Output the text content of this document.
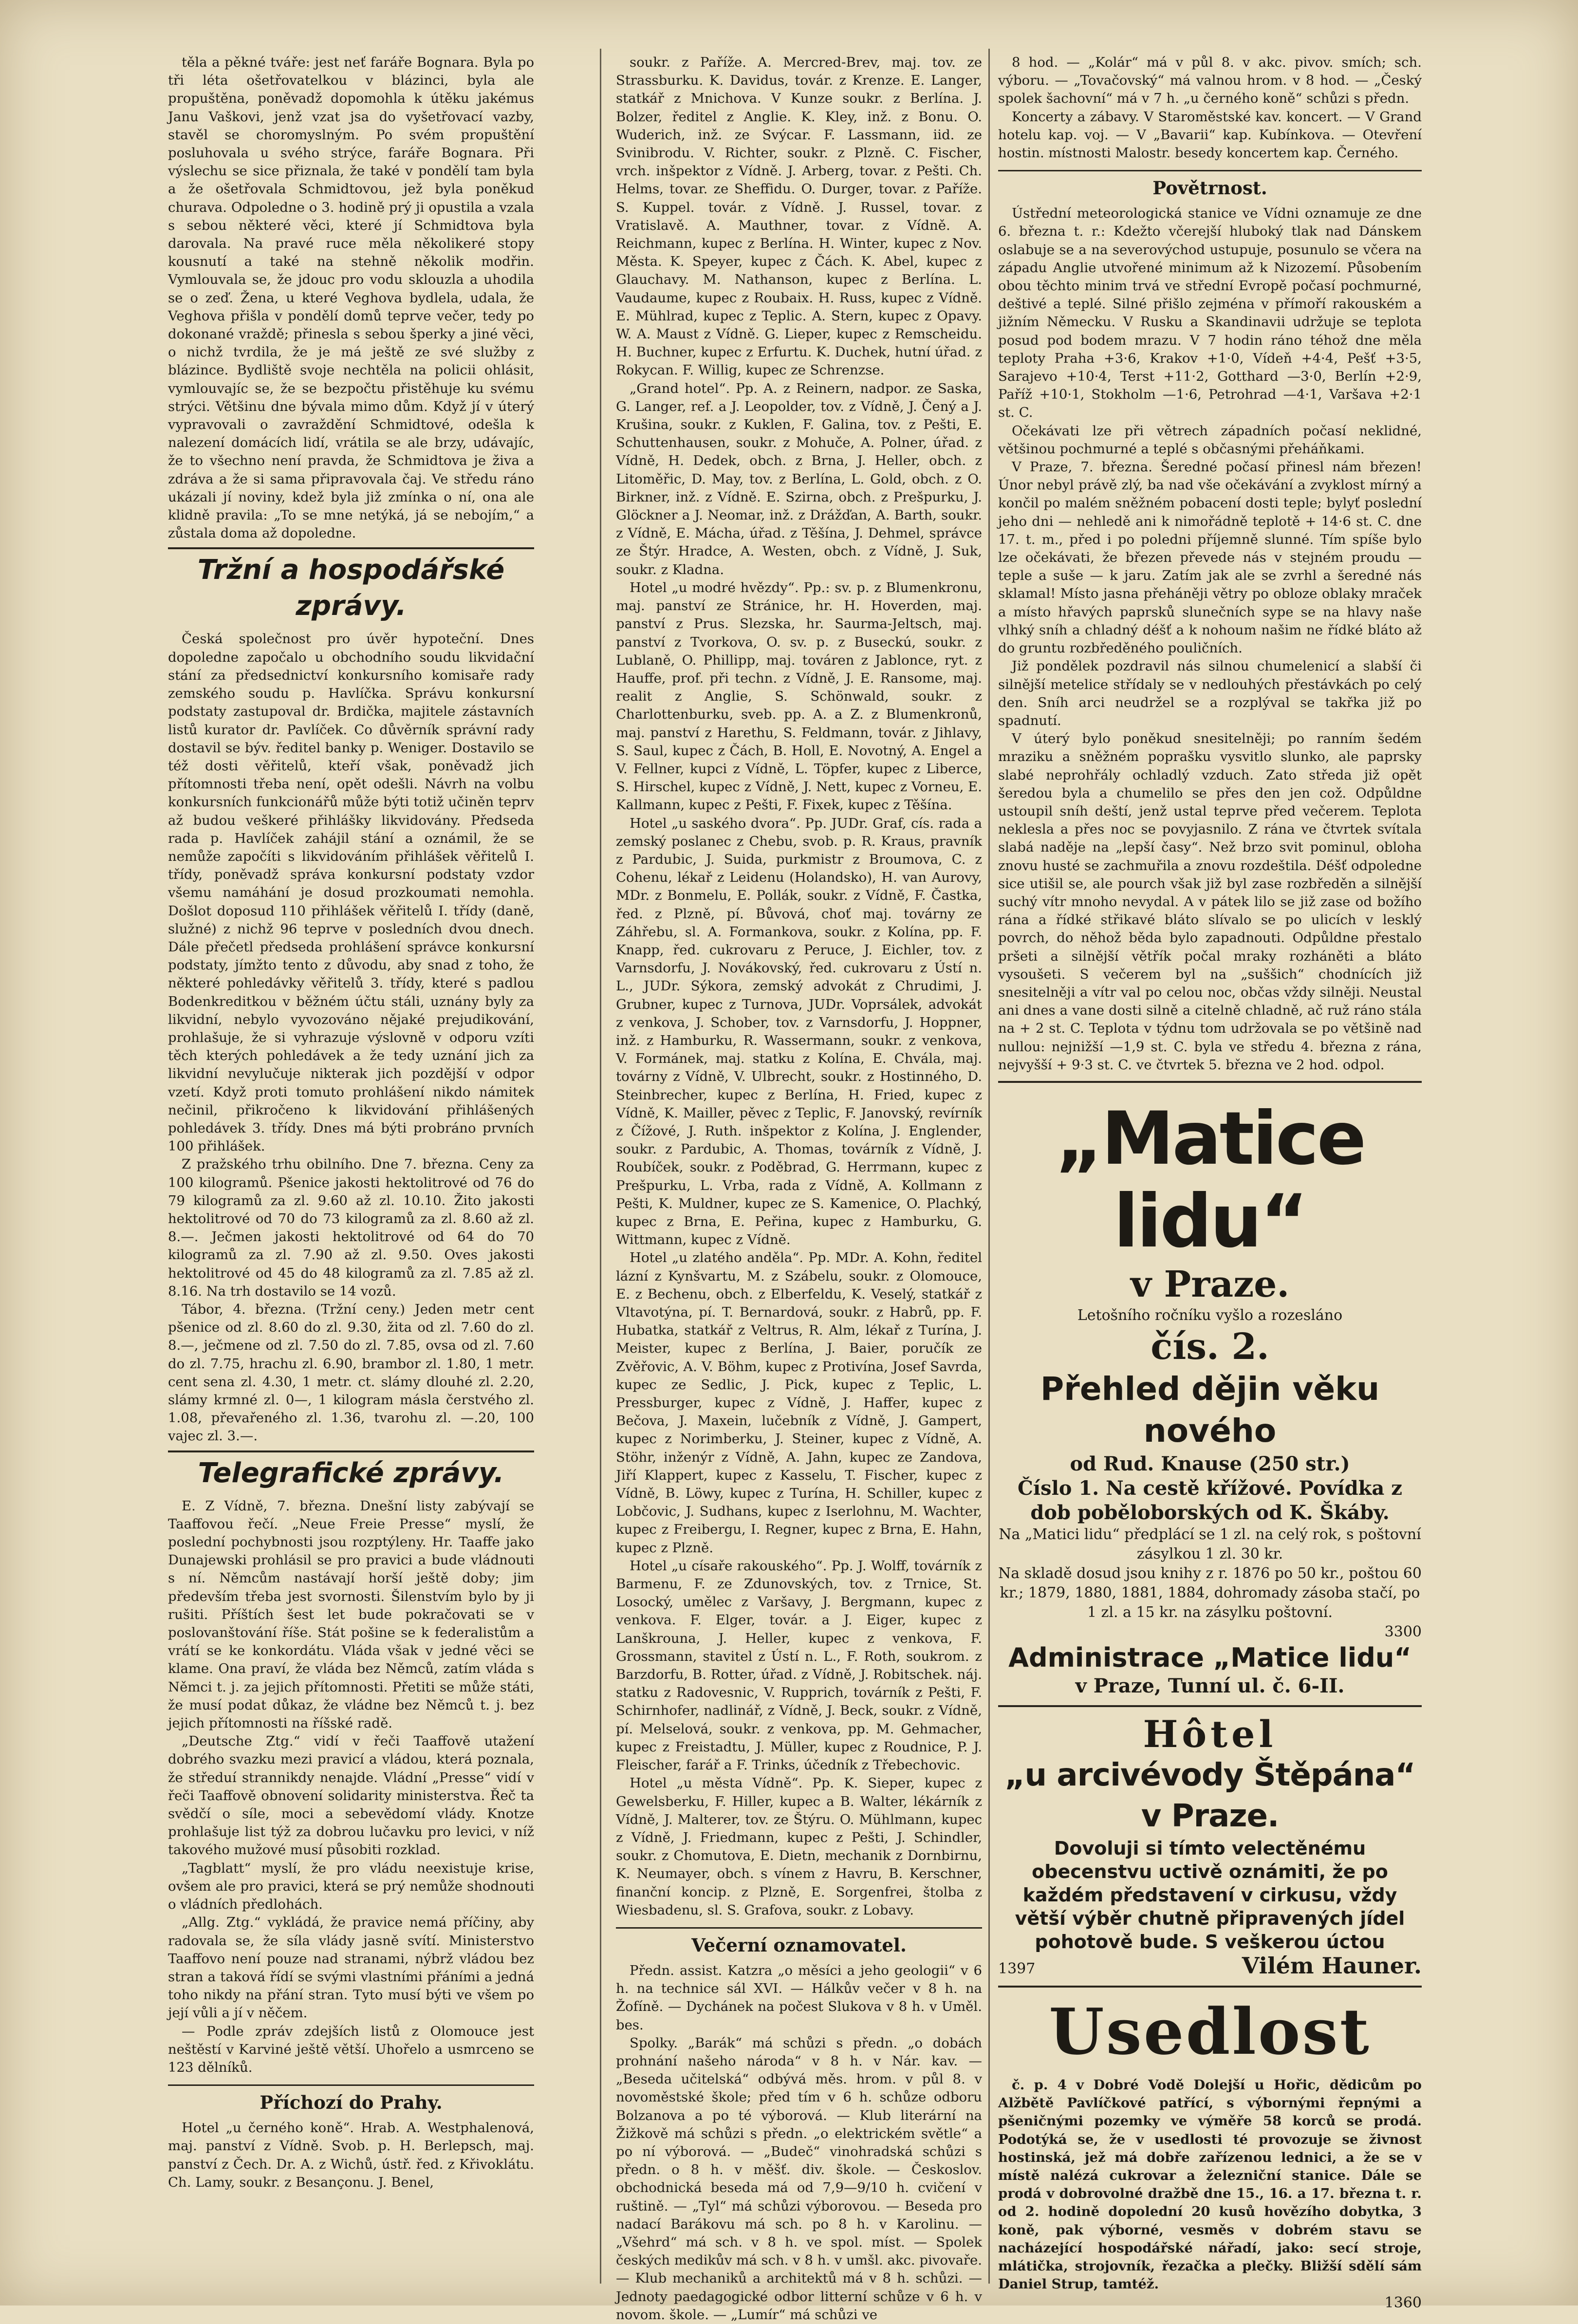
těla a pěkné tváře: jest neť faráře Bognara. Byla po tři léta ošetřovatelkou v blázinci, byla ale propuštěna, poněvadž dopomohla k útěku jakémus Janu Vaškovi, jenž vzat jsa do vyšetřovací vazby, stavěl se choromyslným. Po svém propuštění posluhovala u svého strýce, faráře Bognara. Při výslechu se sice přiznala, že také v pondělí tam byla a že ošetřovala Schmidtovou, jež byla poněkud churava. Odpoledne o 3. hodině prý ji opustila a vzala s sebou některé věci, které jí Schmidtova byla darovala. Na pravé ruce měla několikeré stopy kousnutí a také na stehně několik modřin. Vymlouvala se, že jdouc pro vodu sklouzla a uhodila se o zeď. Žena, u které Veghova bydlela, udala, že Veghova přišla v pondělí domů teprve večer, tedy po dokonané vraždě; přinesla s sebou šperky a jiné věci, o nichž tvrdila, že je má ještě ze své služby z blázince. Bydliště svoje nechtěla na policii ohlásit, vymlouvajíc se, že se bezpočtu přistěhuje ku svému strýci. Většinu dne bývala mimo dům. Když jí v úterý vypravovali o zavraždění Schmidtové, odešla k nalezení domácích lidí, vrátila se ale brzy, udávajíc, že to všechno není pravda, že Schmidtova je živa a zdráva a že si sama připravovala čaj. Ve středu ráno ukázali jí noviny, kdež byla již zmínka o ní, ona ale klidně pravila: „To se mne netýká, já se nebojím,“ a zůstala doma až dopoledne.

Tržní a hospodářské zprávy.

Česká společnost pro úvěr hypoteční. Dnes dopoledne započalo u obchodního soudu likvidační stání za předsednictví konkursního komisaře rady zemského soudu p. Havlíčka. Správu konkursní podstaty zastupoval dr. Brdička, majitele zástavních listů kurator dr. Pavlíček. Co důvěrník správní rady dostavil se býv. ředitel banky p. Weniger. Dostavilo se též dosti věřitelů, kteří však, poněvadž jich přítomnosti třeba není, opět odešli. Návrh na volbu konkursních funkcionářů může býti totiž učiněn teprv až budou veškeré přihlášky likvidovány. Předseda rada p. Havlíček zahájil stání a oznámil, že se nemůže započíti s likvidováním přihlášek věřitelů I. třídy, poněvadž správa konkursní podstaty vzdor všemu namáhání je dosud prozkoumati nemohla. Došlot doposud 110 přihlášek věřitelů I. třídy (daně, služné) z nichž 96 teprve v posledních dvou dnech. Dále přečetl předseda prohlášení správce konkursní podstaty, jímžto tento z důvodu, aby snad z toho, že některé pohledávky věřitelů 3. třídy, které s padlou Bodenkreditkou v běžném účtu stáli, uznány byly za likvidní, nebylo vyvozováno nějaké prejudikování, prohlašuje, že si vyhrazuje výslovně v odporu vzíti těch kterých pohledávek a že tedy uznání jich za likvidní nevylučuje nikterak jich pozdější v odpor vzetí. Když proti tomuto prohlášení nikdo námitek nečinil, přikročeno k likvidování přihlášených pohledávek 3. třídy. Dnes má býti probráno prvních 100 přihlášek.

Z pražského trhu obilního. Dne 7. března. Ceny za 100 kilogramů. Pšenice jakosti hektolitrové od 76 do 79 kilogramů za zl. 9.60 až zl. 10.10. Žito jakosti hektolitrové od 70 do 73 kilogramů za zl. 8.60 až zl. 8.—. Ječmen jakosti hektolitrové od 64 do 70 kilogramů za zl. 7.90 až zl. 9.50. Oves jakosti hektolitrové od 45 do 48 kilogramů za zl. 7.85 až zl. 8.16. Na trh dostavilo se 14 vozů.

Tábor, 4. března. (Tržní ceny.) Jeden metr cent pšenice od zl. 8.60 do zl. 9.30, žita od zl. 7.60 do zl. 8.—, ječmene od zl. 7.50 do zl. 7.85, ovsa od zl. 7.60 do zl. 7.75, hrachu zl. 6.90, brambor zl. 1.80, 1 metr. cent sena zl. 4.30, 1 metr. ct. slámy dlouhé zl. 2.20, slámy krmné zl. 0—, 1 kilogram másla čerstvého zl. 1.08, převařeného zl. 1.36, tvarohu zl. —.20, 100 vajec zl. 3.—.

Telegrafické zprávy.

E. Z Vídně, 7. března. Dnešní listy zabývají se Taaffovou řečí. „Neue Freie Presse“ myslí, že poslední pochybnosti jsou rozptýleny. Hr. Taaffe jako Dunajewski prohlásil se pro pravici a bude vládnouti s ní. Němcům nastávají horší ještě doby; jim především třeba jest svornosti. Šilenstvím bylo by ji rušiti. Příštích šest let bude pokračovati se v poslovanštování říše. Stát pošine se k federalistům a vrátí se ke konkordátu. Vláda však v jedné věci se klame. Ona praví, že vláda bez Němců, zatím vláda s Němci t. j. za jejich přítomnosti. Přetiti se může státi, že musí podat důkaz, že vládne bez Němců t. j. bez jejich přítomnosti na říšské radě.

„Deutsche Ztg.“ vidí v řeči Taaffově utažení dobrého svazku mezi pravicí a vládou, která poznala, že středuí strannikdy nenajde. Vládní „Presse“ vidí v řeči Taaffově obnovení solidarity ministerstva. Řeč ta svědčí o síle, moci a sebevědomí vlády. Knotze prohlašuje list týž za dobrou lučavku pro levici, v níž takového mužové musí působiti rozklad.

„Tagblatt“ myslí, že pro vládu neexistuje krise, ovšem ale pro pravici, která se prý nemůže shodnouti o vládních předlohách.

„Allg. Ztg.“ vykládá, že pravice nemá příčiny, aby radovala se, že síla vlády jasně svítí. Ministerstvo Taaffovo není pouze nad stranami, nýbrž vládou bez stran a taková řídí se svými vlastními přáními a jedná toho nikdy na přání stran. Tyto musí býti ve všem po její vůli a jí v něčem.

— Podle zpráv zdejších listů z Olomouce jest neštěstí v Karviné ještě větší. Uhořelo a usmrceno se 123 dělníků.

Příchozí do Prahy.

Hotel „u černého koně“. Hrab. A. Westphalenová, maj. panství z Vídně. Svob. p. H. Berlepsch, maj. panství z Čech. Dr. A. z Wichů, ústř. řed. z Křivoklátu. Ch. Lamy, soukr. z Besançonu. J. Benel,

soukr. z Paříže. A. Mercred-Brev, maj. tov. ze Strassburku. K. Davidus, továr. z Krenze. E. Langer, statkář z Mnichova. V Kunze soukr. z Berlína. J. Bolzer, ředitel z Anglie. K. Kley, inž. z Bonu. O. Wuderich, inž. ze Svýcar. F. Lassmann, iid. ze Svinibrodu. V. Richter, soukr. z Plzně. C. Fischer, vrch. inšpektor z Vídně. J. Arberg, tovar. z Pešti. Ch. Helms, tovar. ze Sheffidu. O. Durger, tovar. z Paříže. S. Kuppel. továr. z Vídně. J. Russel, tovar. z Vratislavě. A. Mauthner, tovar. z Vídně. A. Reichmann, kupec z Berlína. H. Winter, kupec z Nov. Města. K. Speyer, kupec z Čách. K. Abel, kupec z Glauchavy. M. Nathanson, kupec z Berlína. L. Vaudaume, kupec z Roubaix. H. Russ, kupec z Vídně. E. Mühlrad, kupec z Teplic. A. Stern, kupec z Opavy. W. A. Maust z Vídně. G. Lieper, kupec z Remscheidu. H. Buchner, kupec z Erfurtu. K. Duchek, hutní úřad. z Rokycan. F. Willig, kupec ze Schrenzse.

„Grand hotel“. Pp. A. z Reinern, nadpor. ze Saska, G. Langer, ref. a J. Leopolder, tov. z Vídně, J. Čený a J. Krušina, soukr. z Kuklen, F. Galina, tov. z Pešti, E. Schuttenhausen, soukr. z Mohuče, A. Polner, úřad. z Vídně, H. Dedek, obch. z Brna, J. Heller, obch. z Litoměřic, D. May, tov. z Berlína, L. Gold, obch. z O. Birkner, inž. z Vídně. E. Szirna, obch. z Prešpurku, J. Glöckner a J. Neomar, inž. z Drážďan, A. Barth, soukr. z Vídně, E. Mácha, úřad. z Těšína, J. Dehmel, správce ze Štýr. Hradce, A. Westen, obch. z Vídně, J. Suk, soukr. z Kladna.

Hotel „u modré hvězdy“. Pp.: sv. p. z Blumenkronu, maj. panství ze Stránice, hr. H. Hoverden, maj. panství z Prus. Slezska, hr. Saurma-Jeltsch, maj. panství z Tvorkova, O. sv. p. z Buseckú, soukr. z Lublaně, O. Phillipp, maj. továren z Jablonce, ryt. z Hauffe, prof. při techn. z Vídně, J. E. Ransome, maj. realit z Anglie, S. Schönwald, soukr. z Charlottenburku, sveb. pp. A. a Z. z Blumenkronů, maj. panství z Harethu, S. Feldmann, továr. z Jihlavy, S. Saul, kupec z Čách, B. Holl, E. Novotný, A. Engel a V. Fellner, kupci z Vídně, L. Töpfer, kupec z Liberce, S. Hirschel, kupec z Vídně, J. Nett, kupec z Vorneu, E. Kallmann, kupec z Pešti, F. Fixek, kupec z Těšína.

Hotel „u saského dvora“. Pp. JUDr. Graf, cís. rada a zemský poslanec z Chebu, svob. p. R. Kraus, pravník z Pardubic, J. Suida, purkmistr z Broumova, C. z Cohenu, lékař z Leidenu (Holandsko), H. van Aurovy, MDr. z Bonmelu, E. Pollák, soukr. z Vídně, F. Častka, řed. z Plzně, pí. Bůvová, choť maj. továrny ze Záhřebu, sl. A. Formankova, soukr. z Kolína, pp. F. Knapp, řed. cukrovaru z Peruce, J. Eichler, tov. z Varnsdorfu, J. Novákovský, řed. cukrovaru z Ústí n. L., JUDr. Sýkora, zemský advokát z Chrudimi, J. Grubner, kupec z Turnova, JUDr. Voprsálek, advokát z venkova, J. Schober, tov. z Varnsdorfu, J. Hoppner, inž. z Hamburku, R. Wassermann, soukr. z venkova, V. Formánek, maj. statku z Kolína, E. Chvála, maj. továrny z Vídně, V. Ulbrecht, soukr. z Hostinného, D. Steinbrecher, kupec z Berlína, H. Fried, kupec z Vídně, K. Mailler, pěvec z Teplic, F. Janovský, revírník z Čížové, J. Ruth. inšpektor z Kolína, J. Englender, soukr. z Pardubic, A. Thomas, továrník z Vídně, J. Roubíček, soukr. z Poděbrad, G. Herrmann, kupec z Prešpurku, L. Vrba, rada z Vídně, A. Kollmann z Pešti, K. Muldner, kupec ze S. Kamenice, O. Plachký, kupec z Brna, E. Peřina, kupec z Hamburku, G. Wittmann, kupec z Vídně.

Hotel „u zlatého anděla“. Pp. MDr. A. Kohn, ředitel lázní z Kynšvartu, M. z Szábelu, soukr. z Olomouce, E. z Bechenu, obch. z Elberfeldu, K. Veselý, statkář z Vltavotýna, pí. T. Bernardová, soukr. z Habrů, pp. F. Hubatka, statkář z Veltrus, R. Alm, lékař z Turína, J. Meister, kupec z Berlína, J. Baier, poručík ze Zvěřovic, A. V. Böhm, kupec z Protivína, Josef Savrda, kupec ze Sedlic, J. Pick, kupec z Teplic, L. Pressburger, kupec z Vídně, J. Haffer, kupec z Bečova, J. Maxein, lučebník z Vídně, J. Gampert, kupec z Norimberku, J. Steiner, kupec z Vídně, A. Stöhr, inženýr z Vídně, A. Jahn, kupec ze Zandova, Jiří Klappert, kupec z Kasselu, T. Fischer, kupec z Vídně, B. Löwy, kupec z Turína, H. Schiller, kupec z Lobčovic, J. Sudhans, kupec z Iserlohnu, M. Wachter, kupec z Freibergu, I. Regner, kupec z Brna, E. Hahn, kupec z Plzně.

Hotel „u císaře rakouského“. Pp. J. Wolff, továrník z Barmenu, F. ze Zdunovských, tov. z Trnice, St. Losocký, umělec z Varšavy, J. Bergmann, kupec z venkova. F. Elger, továr. a J. Eiger, kupec z Lanškrouna, J. Heller, kupec z venkova, F. Grossmann, stavitel z Ústí n. L., F. Roth, soukrom. z Barzdorfu, B. Rotter, úřad. z Vídně, J. Robitschek. náj. statku z Radovesnic, V. Rupprich, továrník z Pešti, F. Schirnhofer, nadlinář, z Vídně, J. Beck, soukr. z Vídně, pí. Melselová, soukr. z venkova, pp. M. Gehmacher, kupec z Freistadtu, J. Müller, kupec z Roudnice, P. J. Fleischer, farář a F. Trinks, účedník z Třebechovic.

Hotel „u města Vídně“. Pp. K. Sieper, kupec z Gewelsberku, F. Hiller, kupec a B. Walter, lékárník z Vídně, J. Malterer, tov. ze Štýru. O. Mühlmann, kupec z Vídně, J. Friedmann, kupec z Pešti, J. Schindler, soukr. z Chomutova, E. Dietn, mechanik z Dornbirnu, K. Neumayer, obch. s vínem z Havru, B. Kerschner, finanční koncip. z Plzně, E. Sorgenfrei, štolba z Wiesbadenu, sl. S. Grafova, soukr. z Lobavy.

Večerní oznamovatel.

Předn. assist. Katzra „o měsíci a jeho geologii“ v 6 h. na technice sál XVI. — Hálkův večer v 8 h. na Žofíně. — Dychánek na počest Slukova v 8 h. v Uměl. bes.

Spolky. „Barák“ má schůzi s předn. „o dobách prohnání našeho národa“ v 8 h. v Nár. kav. — „Beseda učitelská“ odbývá měs. hrom. v půl 8. v novoměstské škole; před tím v 6 h. schůze odboru Bolzanova a po té výborová. — Klub literární na Žižkově má schůzi s předn. „o elektrickém světle“ a po ní výborová. — „Budeč“ vinohradská schůzi s předn. o 8 h. v měšť. div. škole. — Českoslov. obchodnická beseda má od 7,9—9/10 h. cvičení v ruštině. — „Tyl“ má schůzi výborovou. — Beseda pro nadací Barákovu má sch. po 8 h. v Karolinu. — „Všehrd“ má sch. v 8 h. ve spol. míst. — Spolek českých medikův má sch. v 8 h. v umšl. akc. pivovaře. — Klub mechaniků a architektů má v 8 h. schůzi. — Jednoty paedagogické odbor litterní schůze v 6 h. v novom. škole. — „Lumír“ má schůzi ve

8 hod. — „Kolár“ má v půl 8. v akc. pivov. smích; sch. výboru. — „Tovačovský“ má valnou hrom. v 8 hod. — „Český spolek šachovní“ má v 7 h. „u černého koně“ schůzi s předn.

Koncerty a zábavy. V Staroměstské kav. koncert. — V Grand hotelu kap. voj. — V „Bavarii“ kap. Kubínkova. — Otevření hostin. místnosti Malostr. besedy koncertem kap. Černého.

Povětrnost.

Ústřední meteorologická stanice ve Vídni oznamuje ze dne 6. března t. r.: Kdežto včerejší hluboký tlak nad Dánskem oslabuje se a na severovýchod ustupuje, posunulo se včera na západu Anglie utvořené minimum až k Nizozemí. Působením obou těchto minim trvá ve střední Evropě počasí pochmurné, deštivé a teplé. Silné přišlo zejména v přímoří rakouském a jižním Německu. V Rusku a Skandinavii udržuje se teplota posud pod bodem mrazu. V 7 hodin ráno téhož dne měla teploty Praha +3·6, Krakov +1·0, Vídeň +4·4, Pešť +3·5, Sarajevo +10·4, Terst +11·2, Gotthard —3·0, Berlín +2·9, Paříž +10·1, Stokholm —1·6, Petrohrad —4·1, Varšava +2·1 st. C.

Očekávati lze při větrech západních počasí neklidné, většinou pochmurné a teplé s občasnými přeháňkami.

V Praze, 7. března. Šeredné počasí přinesl nám březen! Únor nebyl právě zlý, ba nad vše očekávání a zvyklost mírný a končil po malém sněžném pobacení dosti teple; bylyť poslední jeho dni — nehledě ani k nimořádně teplotě + 14·6 st. C. dne 17. t. m., před i po poledni příjemně slunné. Tím spíše bylo lze očekávati, že březen převede nás v stejném proudu — teple a suše — k jaru. Zatím jak ale se zvrhl a šeredné nás sklamal! Místo jasna přeháněji větry po obloze oblaky mraček a místo hřavých paprsků slunečních sype se na hlavy naše vlhký sníh a chladný déšť a k nohoum našim ne řídké bláto až do gruntu rozbředěného pouličních.

Již pondělek pozdravil nás silnou chumelenicí a slabší či silnější metelice střídaly se v nedlouhých přestávkách po celý den. Sníh arci neudržel se a rozplýval se takřka již po spadnutí.

V úterý bylo poněkud snesitelněji; po ranním šedém mraziku a sněžném poprašku vysvitlo slunko, ale paprsky slabé neprohřály ochladlý vzduch. Zato středa již opět šeredou byla a chumelilo se přes den jen což. Odpůldne ustoupil sníh deští, jenž ustal teprve před večerem. Teplota neklesla a přes noc se povyjasnilo. Z rána ve čtvrtek svítala slabá naděje na „lepší časy“. Než brzo svit pominul, obloha znovu husté se zachmuřila a znovu rozdeštila. Déšť odpoledne sice utišil se, ale pourch však již byl zase rozbředěn a silnější suchý vítr mnoho nevydal. A v pátek lilo se již zase od božího rána a řídké střikavé bláto slívalo se po ulicích v lesklý povrch, do něhož běda bylo zapadnouti. Odpůldne přestalo pršeti a silnější větřík počal mraky rozháněti a bláto vysoušeti. S večerem byl na „suššich“ chodnících již snesitelněji a vítr val po celou noc, občas vždy silněji. Neustal ani dnes a vane dosti silně a citelně chladně, ač ruž ráno stála na + 2 st. C. Teplota v týdnu tom udržovala se po většině nad nullou: nejnižší —1,9 st. C. byla ve středu 4. března z rána, nejvyšší + 9·3 st. C. ve čtvrtek 5. března ve 2 hod. odpol.

„Matice lidu“
v Praze.
Letošního ročníku vyšlo a rozesláno
čís. 2.
Přehled dějin věku nového
od Rud. Knause (250 str.)
Číslo 1. Na cestě křížové. Povídka z dob poběloborských od K. Škáby.
Na „Matici lidu“ předplácí se 1 zl. na celý rok, s poštovní zásylkou 1 zl. 30 kr.
Na skladě dosud jsou knihy z r. 1876 po 50 kr., poštou 60 kr.; 1879, 1880, 1881, 1884, dohromady zásoba stačí, po 1 zl. a 15 kr. na zásylku poštovní.
3300
Administrace „Matice lidu“
v Praze, Tunní ul. č. 6-II.
Hôtel
„u arcivévody Štěpána“ v Praze.
Dovoluji si tímto velectěnému obecenstvu uctivě oznámiti, že po každém představení v cirkusu, vždy větší výběr chutně připravených jídel pohotově bude. S veškerou úctou
1397	Vilém Hauner.
Usedlost

č. p. 4 v Dobré Vodě Dolejší u Hořic, dědicům po Alžbětě Pavlíčkové patřící, s výbornými řepnými a pšeničnými pozemky ve výměře 58 korců se prodá. Podotýká se, že v usedlosti té provozuje se živnost hostinská, jež má dobře zařízenou lednici, a že se v místě nalézá cukrovar a železniční stanice. Dále se prodá v dobrovolné dražbě dne 15., 16. a 17. března t. r. od 2. hodině dopolední 20 kusů hovězího dobytka, 3 koně, pak výborné, vesměs v dobrém stavu se nacházející hospodářské nářadí, jako: secí stroje, mlátička, strojovník, řezačka a plečky. Bližší sdělí sám Daniel Strup, tamtéž.

1360
